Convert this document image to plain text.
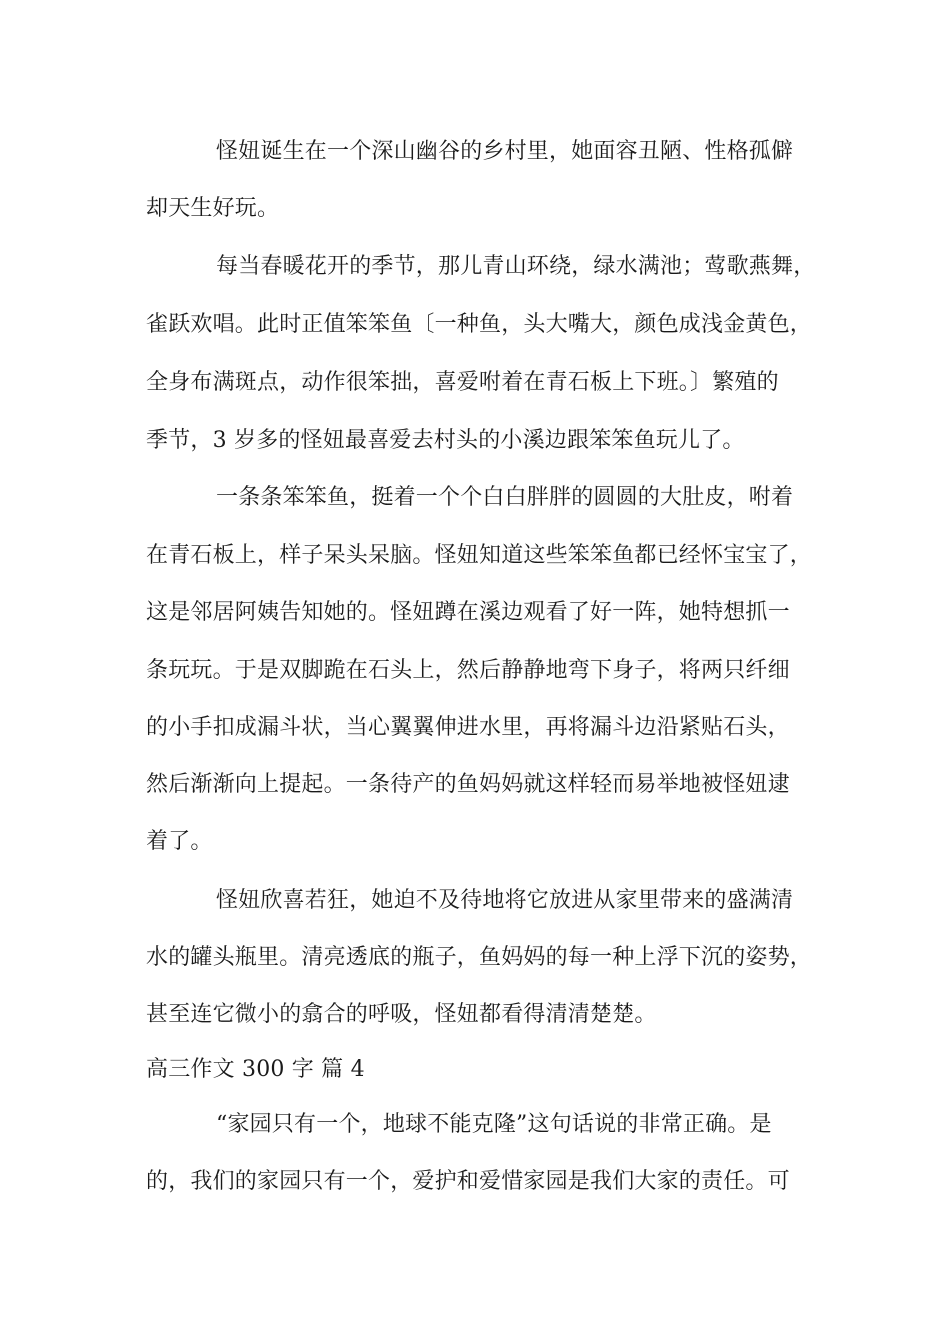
怪妞诞生在一个深山幽谷的乡村里，她面容丑陋、性格孤僻
却天生好玩。
每当春暖花开的季节，那儿青山环绕，绿水满池；莺歌燕舞，
雀跃欢唱。此时正值笨笨鱼〔一种鱼，头大嘴大，颜色成浅金黄色，
全身布满斑点，动作很笨拙，喜爱咐着在青石板上下班。〕繁殖的
季节，3 岁多的怪妞最喜爱去村头的小溪边跟笨笨鱼玩儿了。
一条条笨笨鱼，挺着一个个白白胖胖的圆圆的大肚皮，咐着
在青石板上，样子呆头呆脑。怪妞知道这些笨笨鱼都已经怀宝宝了，
这是邻居阿姨告知她的。怪妞蹲在溪边观看了好一阵，她特想抓一
条玩玩。于是双脚跪在石头上，然后静静地弯下身子，将两只纤细
的小手扣成漏斗状，当心翼翼伸进水里，再将漏斗边沿紧贴石头，
然后渐渐向上提起。一条待产的鱼妈妈就这样轻而易举地被怪妞逮
着了。
怪妞欣喜若狂，她迫不及待地将它放进从家里带来的盛满清
水的罐头瓶里。清亮透底的瓶子，鱼妈妈的每一种上浮下沉的姿势，
甚至连它微小的翕合的呼吸，怪妞都看得清清楚楚。
高三作文 300 字 篇 4
“家园只有一个，地球不能克隆”这句话说的非常正确。是
的，我们的家园只有一个，爱护和爱惜家园是我们大家的责任。可
